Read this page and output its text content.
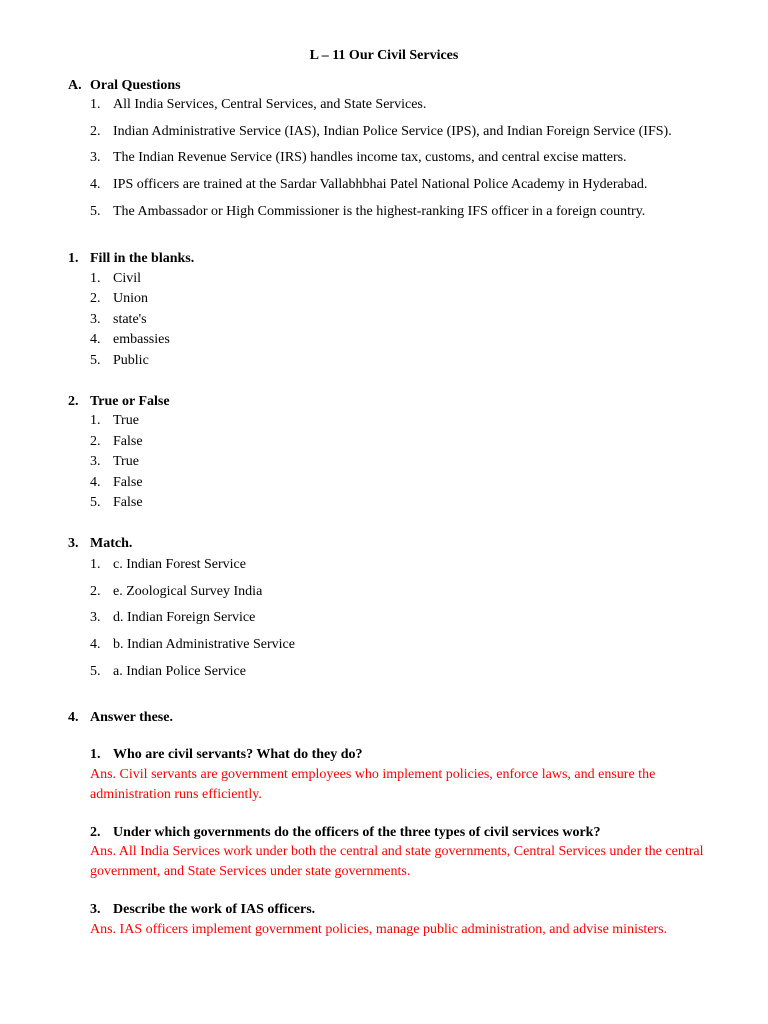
L – 11 Our Civil Services
A. Oral Questions
1. All India Services, Central Services, and State Services.
2. Indian Administrative Service (IAS), Indian Police Service (IPS), and Indian Foreign Service (IFS).
3. The Indian Revenue Service (IRS) handles income tax, customs, and central excise matters.
4. IPS officers are trained at the Sardar Vallabhbhai Patel National Police Academy in Hyderabad.
5. The Ambassador or High Commissioner is the highest-ranking IFS officer in a foreign country.
1. Fill in the blanks.
1. Civil
2. Union
3. state's
4. embassies
5. Public
2. True or False
1. True
2. False
3. True
4. False
5. False
3. Match.
1. c. Indian Forest Service
2. e. Zoological Survey India
3. d. Indian Foreign Service
4. b. Indian Administrative Service
5. a. Indian Police Service
4. Answer these.
1. Who are civil servants? What do they do?
Ans. Civil servants are government employees who implement policies, enforce laws, and ensure the administration runs efficiently.
2. Under which governments do the officers of the three types of civil services work?
Ans. All India Services work under both the central and state governments, Central Services under the central government, and State Services under state governments.
3. Describe the work of IAS officers.
Ans. IAS officers implement government policies, manage public administration, and advise ministers.
